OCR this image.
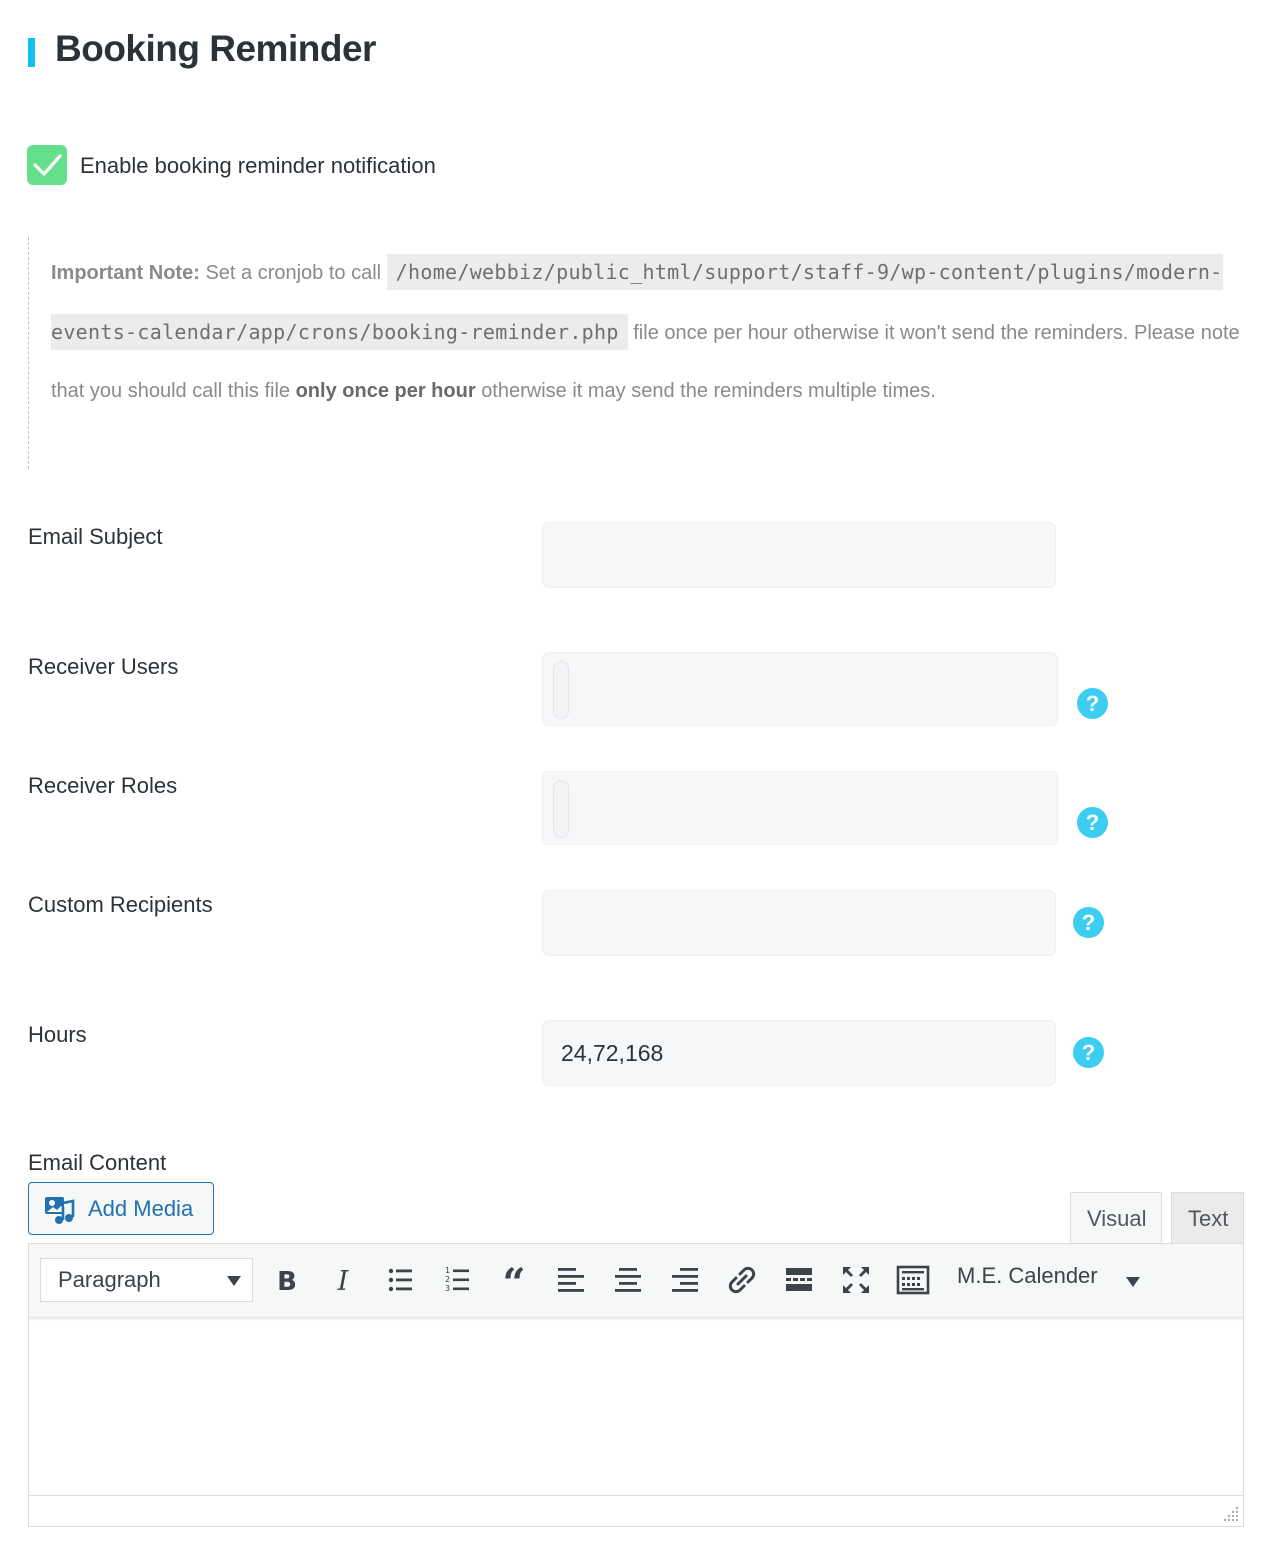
Booking Reminder
Enable booking reminder notification
Important Note: Set a cronjob to call /home/webbiz/public_html/support/staff-9/wp-content/plugins/modern-events-calendar/app/crons/booking-reminder.php file once per hour otherwise it won't send the reminders. Please note that you should call this file only once per hour otherwise it may send the reminders multiple times.
Email Subject
Receiver Users
?
Receiver Roles
?
Custom Recipients
?
Hours
24,72,168
?
Email Content
Add Media	Visual Text
Paragraph	B I	1
2
3 “	M.E. Calender
